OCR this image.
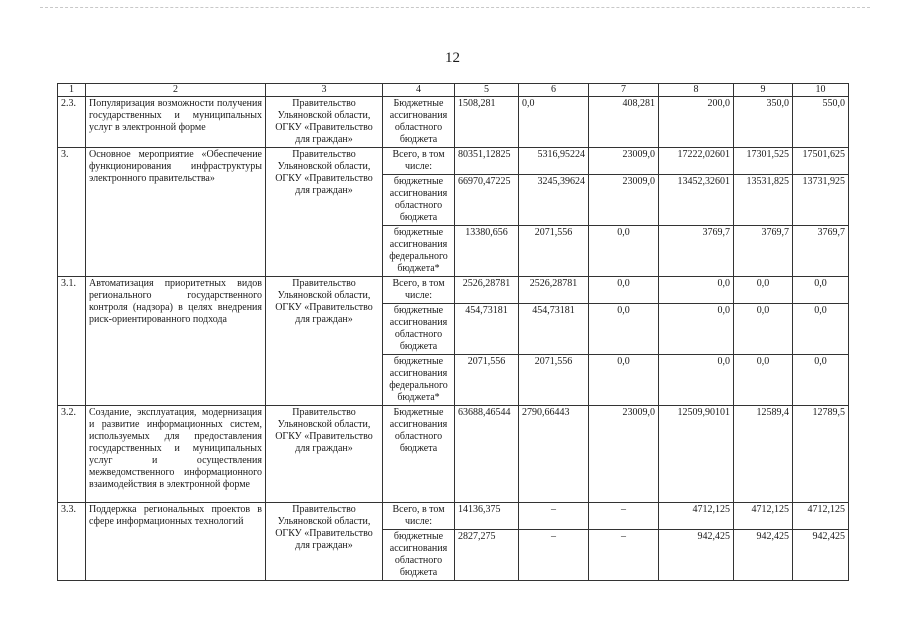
12
1	2	3	4	5	6	7	8	9	10
2.3.	Популяризация возможности получения государственных и муниципальных услуг в электронной форме	Правительство Ульяновской области, ОГКУ «Правительство для граждан»	Бюджетные ассигнования областного бюджета	1508,281	0,0	408,281	200,0	350,0	550,0
3.	Основное мероприятие «Обеспечение функционирования инфраструктуры электронного правительства»	Правительство Ульяновской области, ОГКУ «Правительство для граждан»	Всего, в том числе:	80351,12825	5316,95224	23009,0	17222,02601	17301,525	17501,625
			бюджетные ассигнования областного бюджета	66970,47225	3245,39624	23009,0	13452,32601	13531,825	13731,925
			бюджетные ассигнования федерального бюджета*	13380,656	2071,556	0,0	3769,7	3769,7	3769,7
3.1.	Автоматизация приоритетных видов регионального государственного контроля (надзора) в целях внедрения риск-ориентированного подхода	Правительство Ульяновской области, ОГКУ «Правительство для граждан»	Всего, в том числе:	2526,28781	2526,28781	0,0	0,0	0,0	0,0
			бюджетные ассигнования областного бюджета	454,73181	454,73181	0,0	0,0	0,0	0,0
			бюджетные ассигнования федерального бюджета*	2071,556	2071,556	0,0	0,0	0,0	0,0
3.2.	Создание, эксплуатация, модернизация и развитие информационных систем, используемых для предоставления государственных и муниципальных услуг и осуществления межведомственного информационного взаимодействия в электронной форме	Правительство Ульяновской области, ОГКУ «Правительство для граждан»	Бюджетные ассигнования областного бюджета	63688,46544	2790,66443	23009,0	12509,90101	12589,4	12789,5
3.3.	Поддержка региональных проектов в сфере информационных технологий	Правительство Ульяновской области, ОГКУ «Правительство для граждан»	Всего, в том числе:	14136,375	–	–	4712,125	4712,125	4712,125
			бюджетные ассигнования областного бюджета	2827,275	–	–	942,425	942,425	942,425
